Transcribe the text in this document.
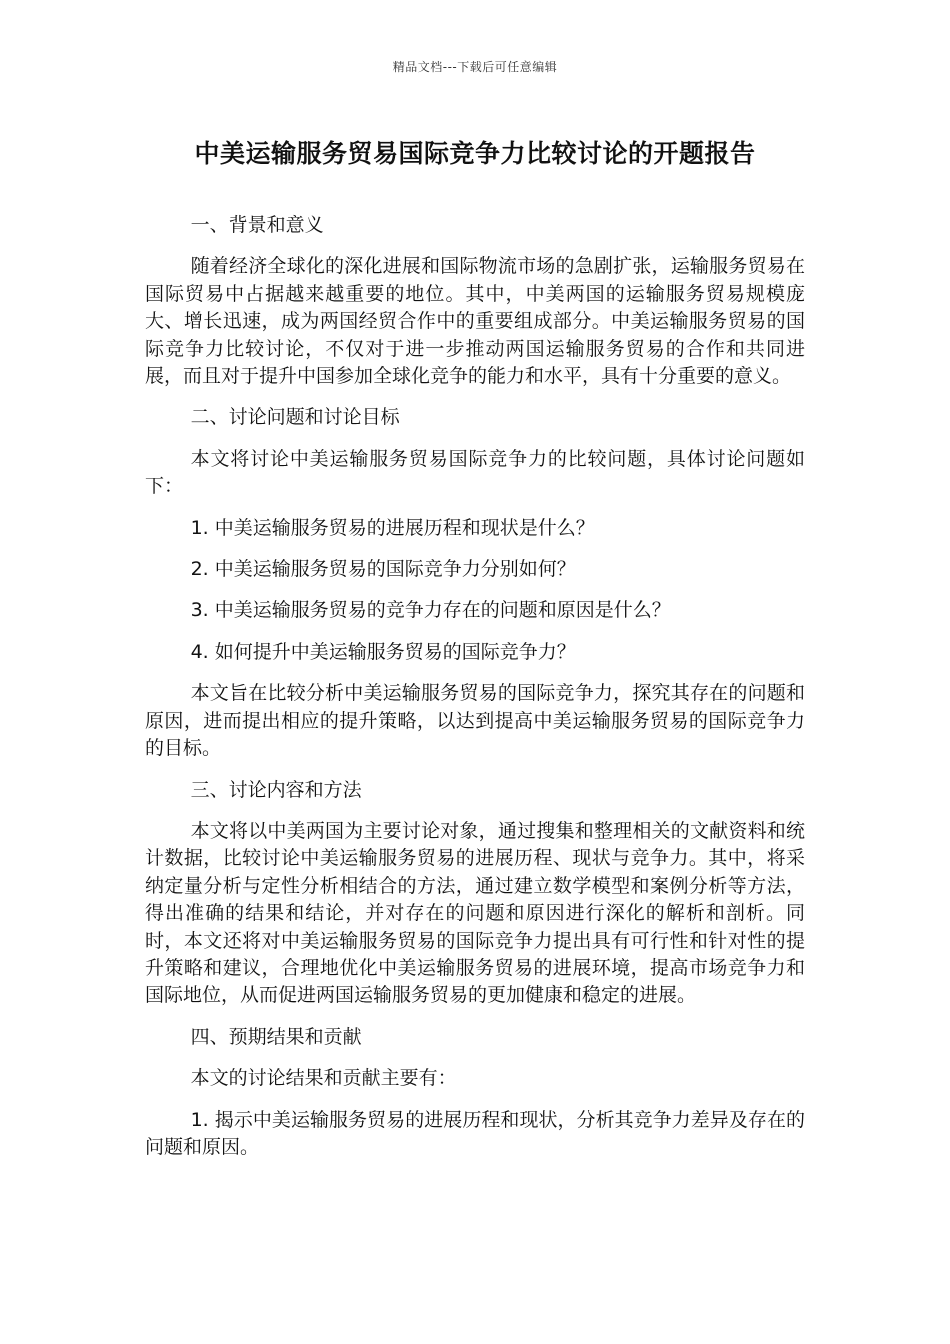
精品文档---下载后可任意编辑
中美运输服务贸易国际竞争力比较讨论的开题报告

一、背景和意义

随着经济全球化的深化进展和国际物流市场的急剧扩张，运输服务贸易在国际贸易中占据越来越重要的地位。其中，中美两国的运输服务贸易规模庞大、增长迅速，成为两国经贸合作中的重要组成部分。中美运输服务贸易的国际竞争力比较讨论，不仅对于进一步推动两国运输服务贸易的合作和共同进展，而且对于提升中国参加全球化竞争的能力和水平，具有十分重要的意义。

二、讨论问题和讨论目标

本文将讨论中美运输服务贸易国际竞争力的比较问题，具体讨论问题如下：

1. 中美运输服务贸易的进展历程和现状是什么？

2. 中美运输服务贸易的国际竞争力分别如何？

3. 中美运输服务贸易的竞争力存在的问题和原因是什么？

4. 如何提升中美运输服务贸易的国际竞争力？

本文旨在比较分析中美运输服务贸易的国际竞争力，探究其存在的问题和原因，进而提出相应的提升策略，以达到提高中美运输服务贸易的国际竞争力的目标。

三、讨论内容和方法

本文将以中美两国为主要讨论对象，通过搜集和整理相关的文献资料和统计数据，比较讨论中美运输服务贸易的进展历程、现状与竞争力。其中，将采纳定量分析与定性分析相结合的方法，通过建立数学模型和案例分析等方法，得出准确的结果和结论，并对存在的问题和原因进行深化的解析和剖析。同时，本文还将对中美运输服务贸易的国际竞争力提出具有可行性和针对性的提升策略和建议，合理地优化中美运输服务贸易的进展环境，提高市场竞争力和国际地位，从而促进两国运输服务贸易的更加健康和稳定的进展。

四、预期结果和贡献

本文的讨论结果和贡献主要有：

1. 揭示中美运输服务贸易的进展历程和现状，分析其竞争力差异及存在的问题和原因。
